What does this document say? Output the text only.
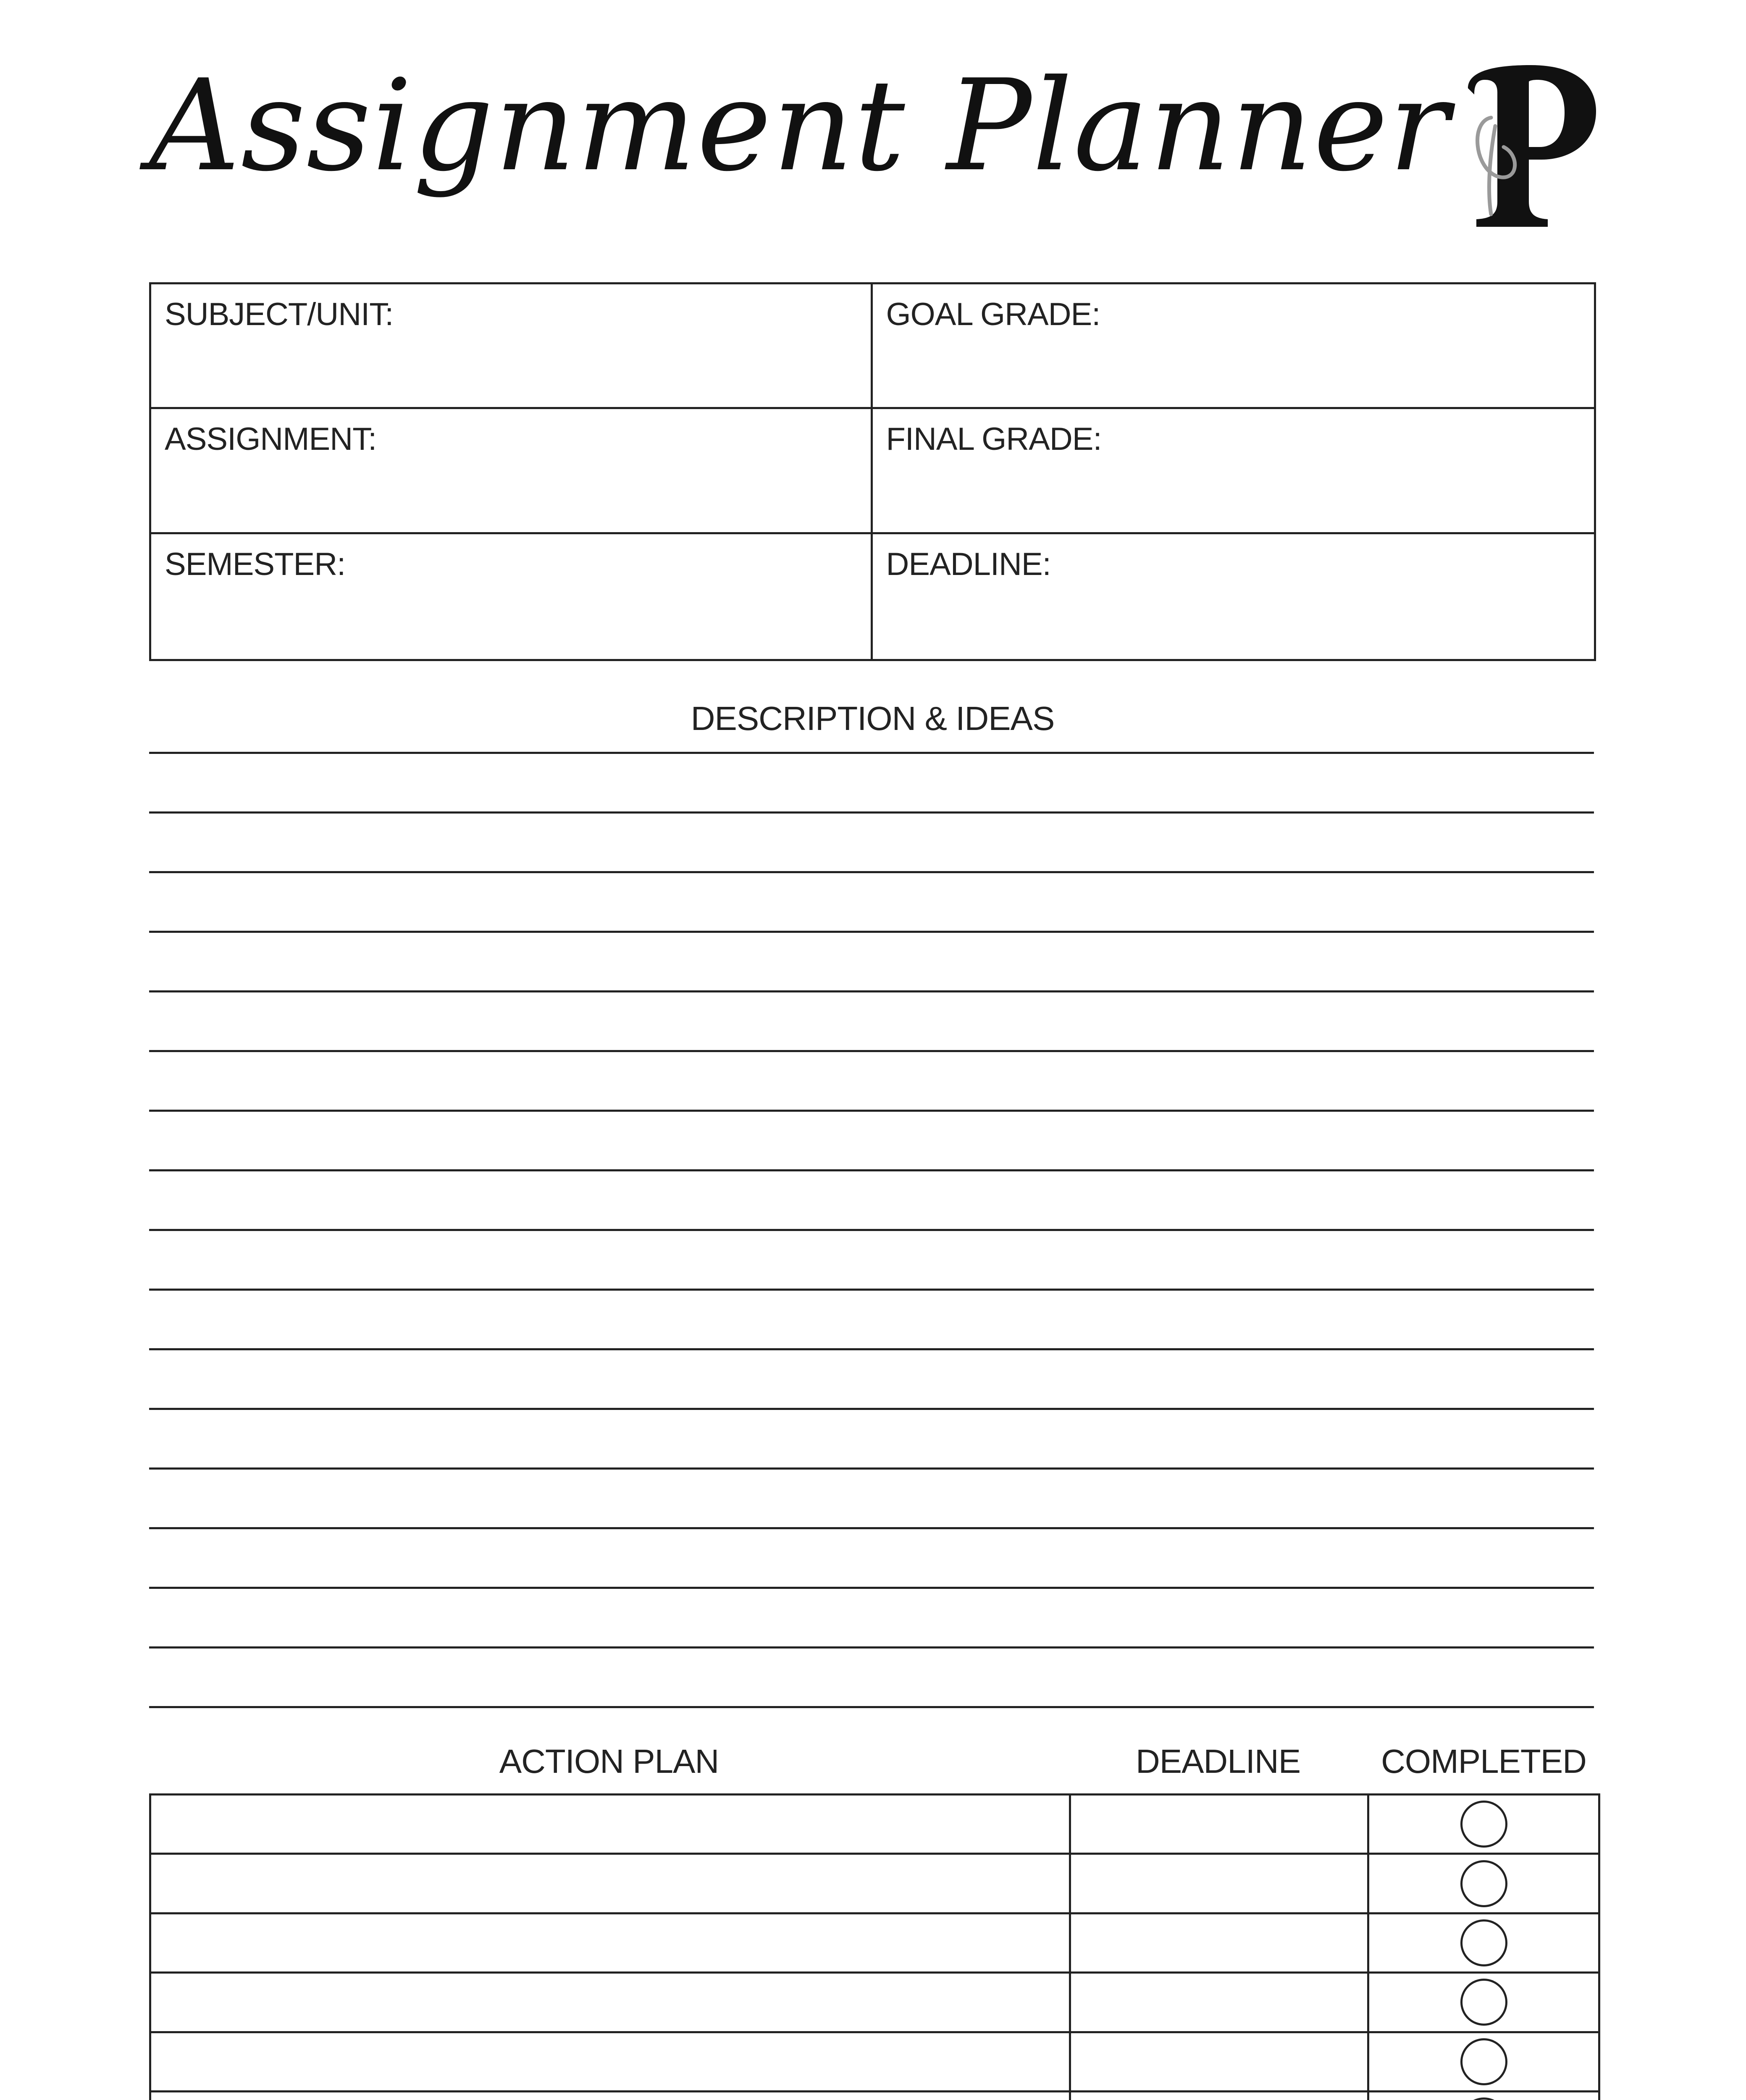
Assignment Planner
SUBJECT/UNIT:	GOAL GRADE:
ASSIGNMENT:	FINAL GRADE:
SEMESTER:	DEADLINE:
DESCRIPTION & IDEAS
ACTION PLAN	DEADLINE	COMPLETED
